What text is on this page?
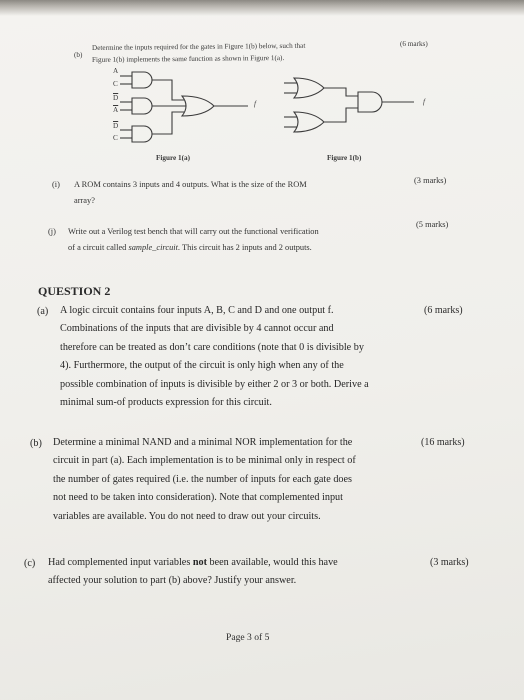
(b)
Determine the inputs required for the gates in Figure 1(b) below, such that
Figure 1(b) implements the same function as shown in Figure 1(a).
(6 marks)
A
C
$\overline{D}$
$\overline{A}$
$\overline{D}$
C
f	f
Figure 1(a)	Figure 1(b)
(i) A ROM contains 3 inputs and 4 outputs. What is the size of the ROM
array?
(3 marks)
(j) Write out a Verilog test bench that will carry out the functional verification
of a circuit called sample_circuit. This circuit has 2 inputs and 2 outputs.
(5 marks)
QUESTION 2
(a) A logic circuit contains four inputs A, B, C and D and one output f.
Combinations of the inputs that are divisible by 4 cannot occur and
therefore can be treated as don’t care conditions (note that 0 is divisible by
4). Furthermore, the output of the circuit is only high when any of the
possible combination of inputs is divisible by either 2 or 3 or both. Derive a
minimal sum-of products expression for this circuit.
(6 marks)
(b) Determine a minimal NAND and a minimal NOR implementation for the
circuit in part (a). Each implementation is to be minimal only in respect of
the number of gates required (i.e. the number of inputs for each gate does
not need to be taken into consideration). Note that complemented input
variables are available. You do not need to draw out your circuits.
(16 marks)
(c) Had complemented input variables not been available, would this have
affected your solution to part (b) above? Justify your answer.
(3 marks)
Page 3 of 5
